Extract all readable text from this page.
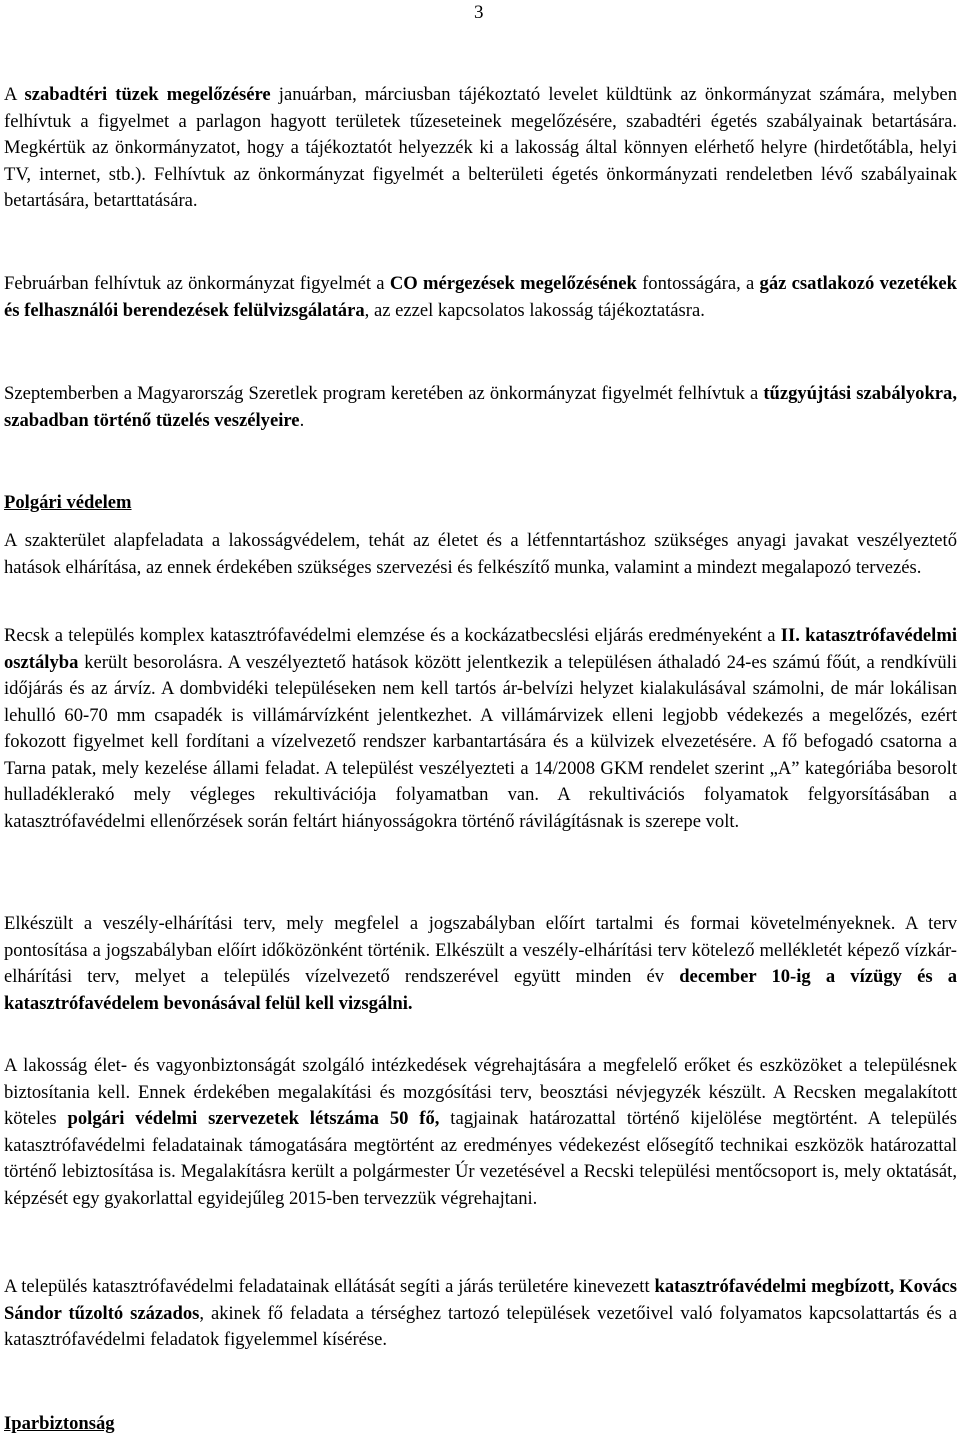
3

A szabadtéri tüzek megelőzésére januárban, márciusban tájékoztató levelet küldtünk az önkormányzat számára, melyben felhívtuk a figyelmet a parlagon hagyott területek tűzeseteinek megelőzésére, szabadtéri égetés szabályainak betartására. Megkértük az önkormányzatot, hogy a tájékoztatót helyezzék ki a lakosság által könnyen elérhető helyre (hirdetőtábla, helyi TV, internet, stb.). Felhívtuk az önkormányzat figyelmét a belterületi égetés önkormányzati rendeletben lévő szabályainak betartására, betarttatására.

Februárban felhívtuk az önkormányzat figyelmét a CO mérgezések megelőzésének fontosságára, a gáz csatlakozó vezetékek és felhasználói berendezések felülvizsgálatára, az ezzel kapcsolatos lakosság tájékoztatásra.

Szeptemberben a Magyarország Szeretlek program keretében az önkormányzat figyelmét felhívtuk a tűzgyújtási szabályokra, szabadban történő tüzelés veszélyeire.

Polgári védelem

A szakterület alapfeladata a lakosságvédelem, tehát az életet és a létfenntartáshoz szükséges anyagi javakat veszélyeztető hatások elhárítása, az ennek érdekében szükséges szervezési és felkészítő munka, valamint a mindezt megalapozó tervezés.

Recsk a település komplex katasztrófavédelmi elemzése és a kockázatbecslési eljárás eredményeként a II. katasztrófavédelmi osztályba került besorolásra. A veszélyeztető hatások között jelentkezik a településen áthaladó 24-es számú főút, a rendkívüli időjárás és az árvíz. A dombvidéki településeken nem kell tartós ár-belvízi helyzet kialakulásával számolni, de már lokálisan lehulló 60-70 mm csapadék is villámárvízként jelentkezhet. A villámárvizek elleni legjobb védekezés a megelőzés, ezért fokozott figyelmet kell fordítani a vízelvezető rendszer karbantartására és a külvizek elvezetésére. A fő befogadó csatorna a Tarna patak, mely kezelése állami feladat. A települést veszélyezteti a 14/2008 GKM rendelet szerint „A” kategóriába besorolt hulladéklerakó mely végleges rekultivációja folyamatban van. A rekultivációs folyamatok felgyorsításában a katasztrófavédelmi ellenőrzések során feltárt hiányosságokra történő rávilágításnak is szerepe volt.

Elkészült a veszély-elhárítási terv, mely megfelel a jogszabályban előírt tartalmi és formai követelményeknek. A terv pontosítása a jogszabályban előírt időközönként történik. Elkészült a veszély-elhárítási terv kötelező mellékletét képező vízkár-elhárítási terv, melyet a település vízelvezető rendszerével együtt minden év december 10-ig a vízügy és a katasztrófavédelem bevonásával felül kell vizsgálni.

A lakosság élet- és vagyonbiztonságát szolgáló intézkedések végrehajtására a megfelelő erőket és eszközöket a településnek biztosítania kell. Ennek érdekében megalakítási és mozgósítási terv, beosztási névjegyzék készült. A Recsken megalakított köteles polgári védelmi szervezetek létszáma 50 fő, tagjainak határozattal történő kijelölése megtörtént. A település katasztrófavédelmi feladatainak támogatására megtörtént az eredményes védekezést elősegítő technikai eszközök határozattal történő lebiztosítása is. Megalakításra került a polgármester Úr vezetésével a Recski települési mentőcsoport is, mely oktatását, képzését egy gyakorlattal egyidejűleg 2015-ben tervezzük végrehajtani.

A település katasztrófavédelmi feladatainak ellátását segíti a járás területére kinevezett katasztrófavédelmi megbízott, Kovács Sándor tűzoltó százados, akinek fő feladata a térséghez tartozó települések vezetőivel való folyamatos kapcsolattartás és a katasztrófavédelmi feladatok figyelemmel kísérése.

Iparbiztonság
